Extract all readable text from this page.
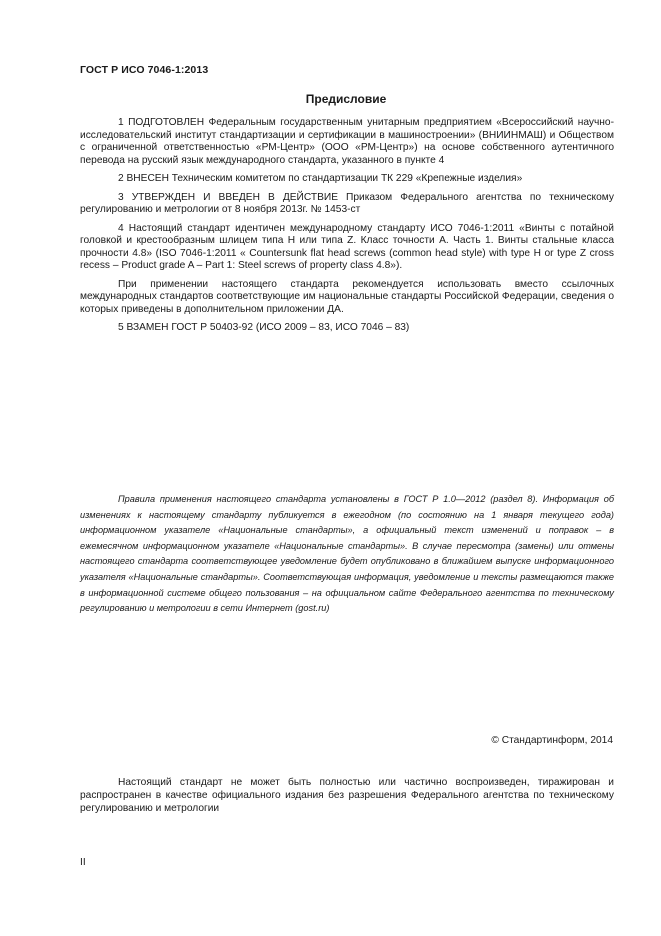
ГОСТ Р ИСО 7046-1:2013
Предисловие

1 ПОДГОТОВЛЕН Федеральным государственным унитарным предприятием «Всероссийский научно-исследовательский институт стандартизации и сертификации в машиностроении» (ВНИИНМАШ) и Обществом с ограниченной ответственностью «РМ-Центр» (ООО «РМ-Центр») на основе собственного аутентичного перевода на русский язык международного стандарта, указанного в пункте 4

2 ВНЕСЕН Техническим комитетом по стандартизации ТК 229 «Крепежные изделия»

3 УТВЕРЖДЕН И ВВЕДЕН В ДЕЙСТВИЕ Приказом Федерального агентства по техническому регулированию и метрологии от 8 ноября 2013г. № 1453-ст

4 Настоящий стандарт идентичен международному стандарту ИСО 7046-1:2011 «Винты с потайной головкой и крестообразным шлицем типа H или типа Z. Класс точности A. Часть 1. Винты стальные класса прочности 4.8» (ISO 7046-1:2011 « Countersunk flat head screws (common head style) with type H or type Z cross recess – Product grade A – Part 1: Steel screws of property class 4.8»).

При применении настоящего стандарта рекомендуется использовать вместо ссылочных международных стандартов соответствующие им национальные стандарты Российской Федерации, сведения о которых приведены в дополнительном приложении ДА.

5 ВЗАМЕН ГОСТ Р 50403-92 (ИСО 2009 – 83, ИСО 7046 – 83)

Правила применения настоящего стандарта установлены в ГОСТ Р 1.0—2012 (раздел 8). Информация об изменениях к настоящему стандарту публикуется в ежегодном (по состоянию на 1 января текущего года) информационном указателе «Национальные стандарты», а официальный текст изменений и поправок – в ежемесячном информационном указателе «Национальные стандарты». В случае пересмотра (замены) или отмены настоящего стандарта соответствующее уведомление будет опубликовано в ближайшем выпуске информационного указателя «Национальные стандарты». Соответствующая информация, уведомление и тексты размещаются также в информационной системе общего пользования – на официальном сайте Федерального агентства по техническому регулированию и метрологии в сети Интернет (gost.ru)

© Стандартинформ, 2014

Настоящий стандарт не может быть полностью или частично воспроизведен, тиражирован и распространен в качестве официального издания без разрешения Федерального агентства по техническому регулированию и метрологии

II
